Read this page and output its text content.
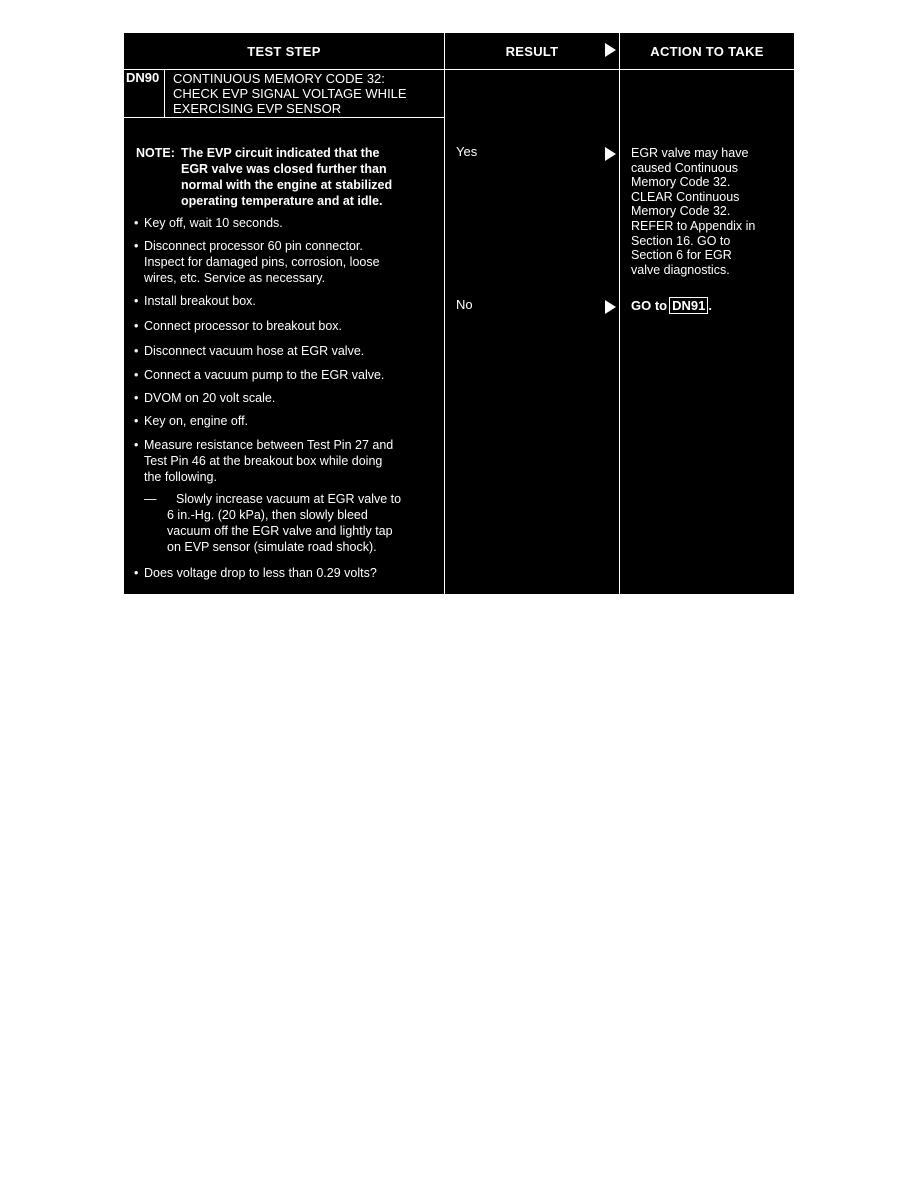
TEST STEP	RESULT	ACTION TO TAKE
DN90 CONTINUOUS MEMORY CODE 32:
CHECK EVP SIGNAL VOLTAGE WHILE
EXERCISING EVP SENSOR
NOTE: The EVP circuit indicated that the
EGR valve was closed further than
normal with the engine at stabilized
operating temperature and at idle.
• Key off, wait 10 seconds.
• Disconnect processor 60 pin connector.
Inspect for damaged pins, corrosion, loose
wires, etc. Service as necessary.
• Install breakout box.
• Connect processor to breakout box.
• Disconnect vacuum hose at EGR valve.
• Connect a vacuum pump to the EGR valve.
• DVOM on 20 volt scale.
• Key on, engine off.
• Measure resistance between Test Pin 27 and
Test Pin 46 at the breakout box while doing
the following.
— Slowly increase vacuum at EGR valve to
6 in.-Hg. (20 kPa), then slowly bleed
vacuum off the EGR valve and lightly tap
on EVP sensor (simulate road shock).
• Does voltage drop to less than 0.29 volts?
Yes
No
EGR valve may have
caused Continuous
Memory Code 32.
CLEAR Continuous
Memory Code 32.
REFER to Appendix in
Section 16. GO to
Section 6 for EGR
valve diagnostics.
GO to DN91 .
